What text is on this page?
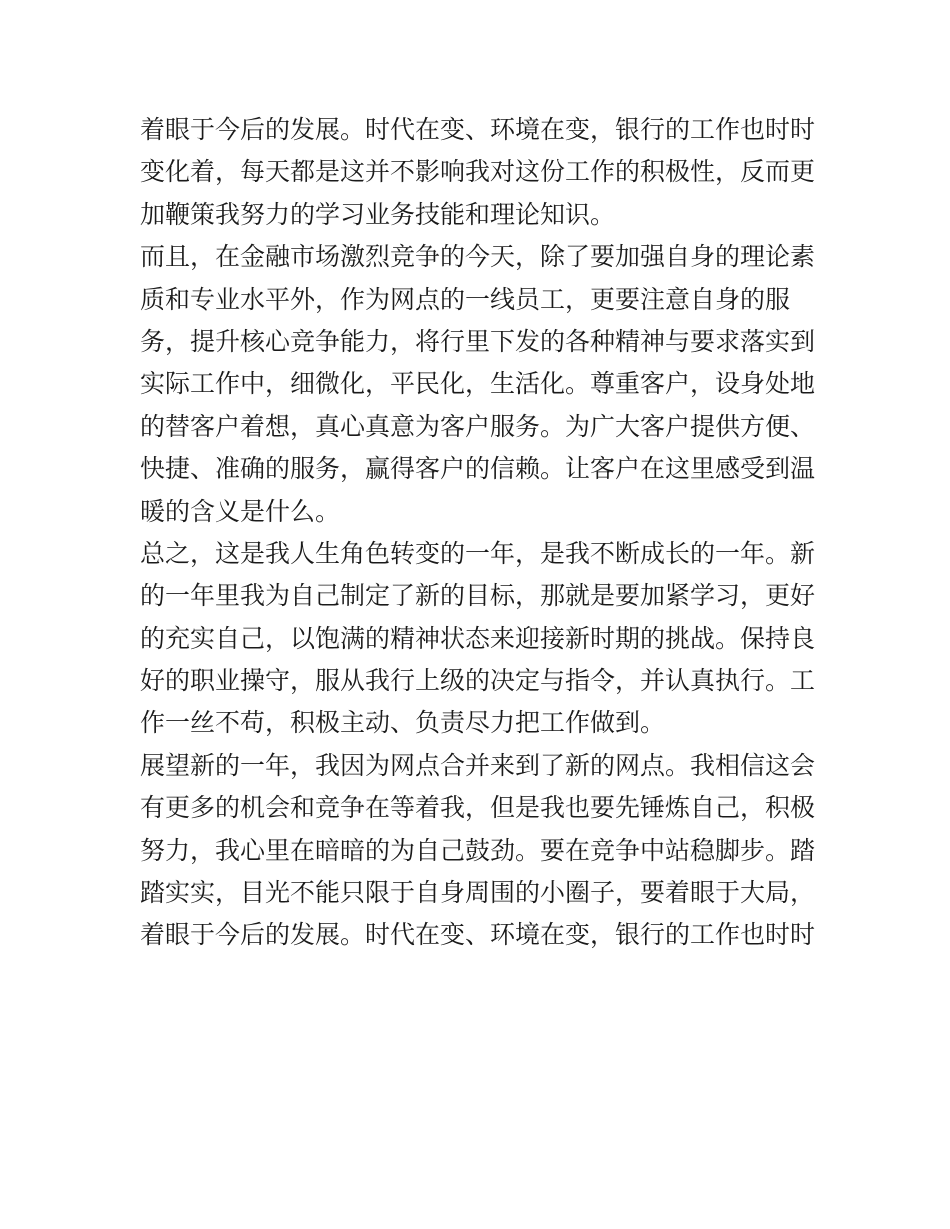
着眼于今后的发展。时代在变、环境在变，银行的工作也时时
变化着，每天都是这并不影响我对这份工作的积极性，反而更
加鞭策我努力的学习业务技能和理论知识。
而且，在金融市场激烈竞争的今天，除了要加强自身的理论素
质和专业水平外，作为网点的一线员工，更要注意自身的服
务，提升核心竞争能力，将行里下发的各种精神与要求落实到
实际工作中，细微化，平民化，生活化。尊重客户，设身处地
的替客户着想，真心真意为客户服务。为广大客户提供方便、
快捷、准确的服务，赢得客户的信赖。让客户在这里感受到温
暖的含义是什么。
总之，这是我人生角色转变的一年，是我不断成长的一年。新
的一年里我为自己制定了新的目标，那就是要加紧学习，更好
的充实自己，以饱满的精神状态来迎接新时期的挑战。保持良
好的职业操守，服从我行上级的决定与指令，并认真执行。工
作一丝不苟，积极主动、负责尽力把工作做到。
展望新的一年，我因为网点合并来到了新的网点。我相信这会
有更多的机会和竞争在等着我，但是我也要先锤炼自己，积极
努力，我心里在暗暗的为自己鼓劲。要在竞争中站稳脚步。踏
踏实实，目光不能只限于自身周围的小圈子，要着眼于大局，
着眼于今后的发展。时代在变、环境在变，银行的工作也时时
